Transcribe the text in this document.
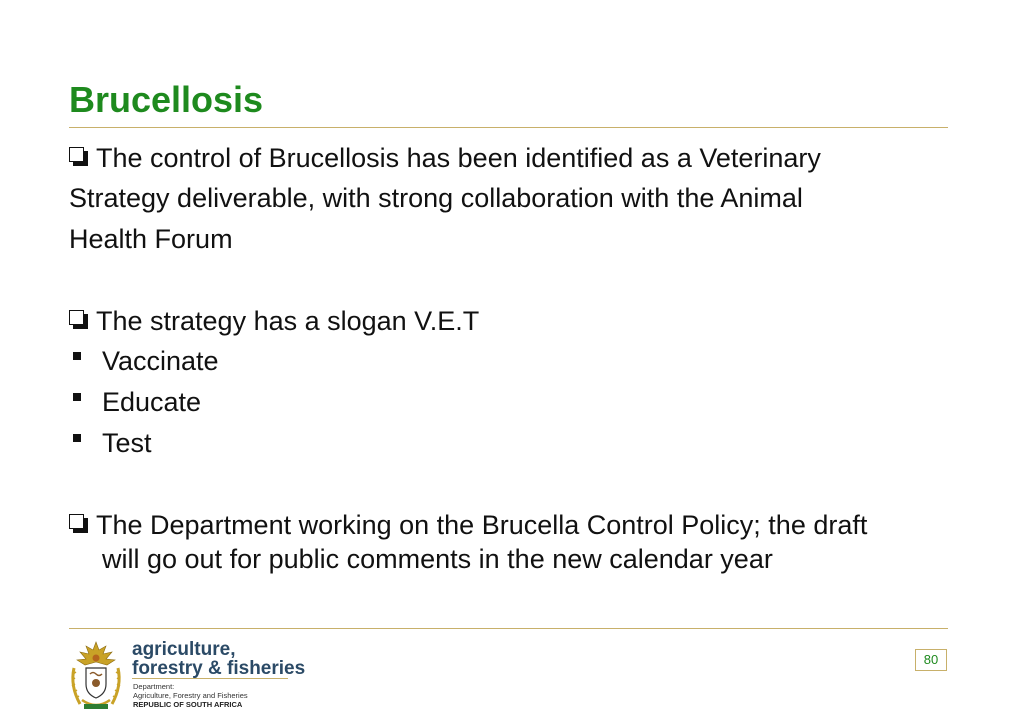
Brucellosis
The control of Brucellosis has been identified as a Veterinary
Strategy deliverable, with strong collaboration with the Animal
Health Forum
The strategy has a slogan V.E.T
Vaccinate
Educate
Test
The Department working on the Brucella Control Policy; the draft
will go out for public comments in the new calendar year
agriculture,
forestry & fisheries
Department:
Agriculture, Forestry and Fisheries
REPUBLIC OF SOUTH AFRICA
80
